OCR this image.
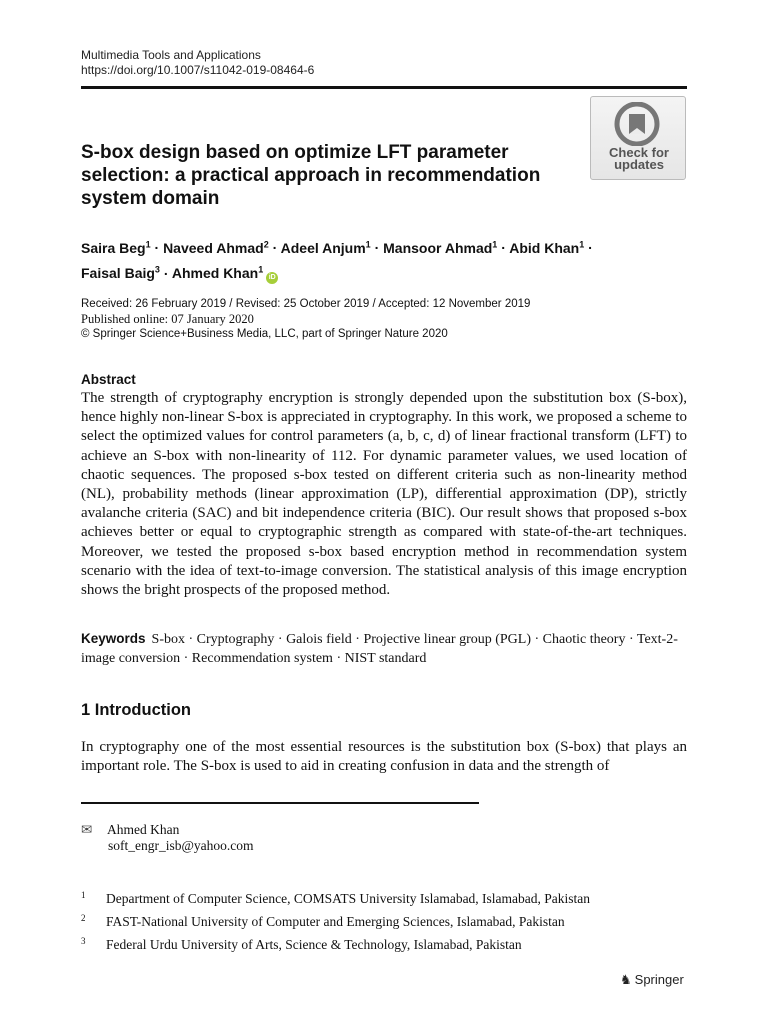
Multimedia Tools and Applications
https://doi.org/10.1007/s11042-019-08464-6
Check for
updates
S-box design based on optimize LFT parameter selection: a practical approach in recommendation system domain
Saira Beg$^1$ · Naveed Ahmad$^2$ · Adeel Anjum$^1$ · Mansoor Ahmad$^1$ · Abid Khan$^1$ ·
Faisal Baig$^3$ · Ahmed Khan$^1$iD
Received: 26 February 2019 / Revised: 25 October 2019 / Accepted: 12 November 2019
Published online: 07 January 2020
© Springer Science+Business Media, LLC, part of Springer Nature 2020
Abstract
The strength of cryptography encryption is strongly depended upon the substitution box (S-box), hence highly non-linear S-box is appreciated in cryptography. In this work, we proposed a scheme to select the optimized values for control parameters (a, b, c, d) of linear fractional transform (LFT) to achieve an S-box with non-linearity of 112. For dynamic parameter values, we used location of chaotic sequences. The proposed s-box tested on different criteria such as non-linearity method (NL), probability methods (linear approximation (LP), differential approximation (DP), strictly avalanche criteria (SAC) and bit independence criteria (BIC). Our result shows that proposed s-box achieves better or equal to cryptographic strength as compared with state-of-the-art techniques. Moreover, we tested the proposed s-box based encryption method in recommendation system scenario with the idea of text-to-image conversion. The statistical analysis of this image encryption shows the bright prospects of the proposed method.
Keywords S-box · Cryptography · Galois field · Projective linear group (PGL) · Chaotic theory · Text-2-image conversion · Recommendation system · NIST standard
1 Introduction
In cryptography one of the most essential resources is the substitution box (S-box) that plays an important role. The S-box is used to aid in creating confusion in data and the strength of
✉ Ahmed Khan
soft_engr_isb@yahoo.com
$^1$ Department of Computer Science, COMSATS University Islamabad, Islamabad, Pakistan
$^2$ FAST-National University of Computer and Emerging Sciences, Islamabad, Pakistan
$^3$ Federal Urdu University of Arts, Science & Technology, Islamabad, Pakistan
♞ Springer
